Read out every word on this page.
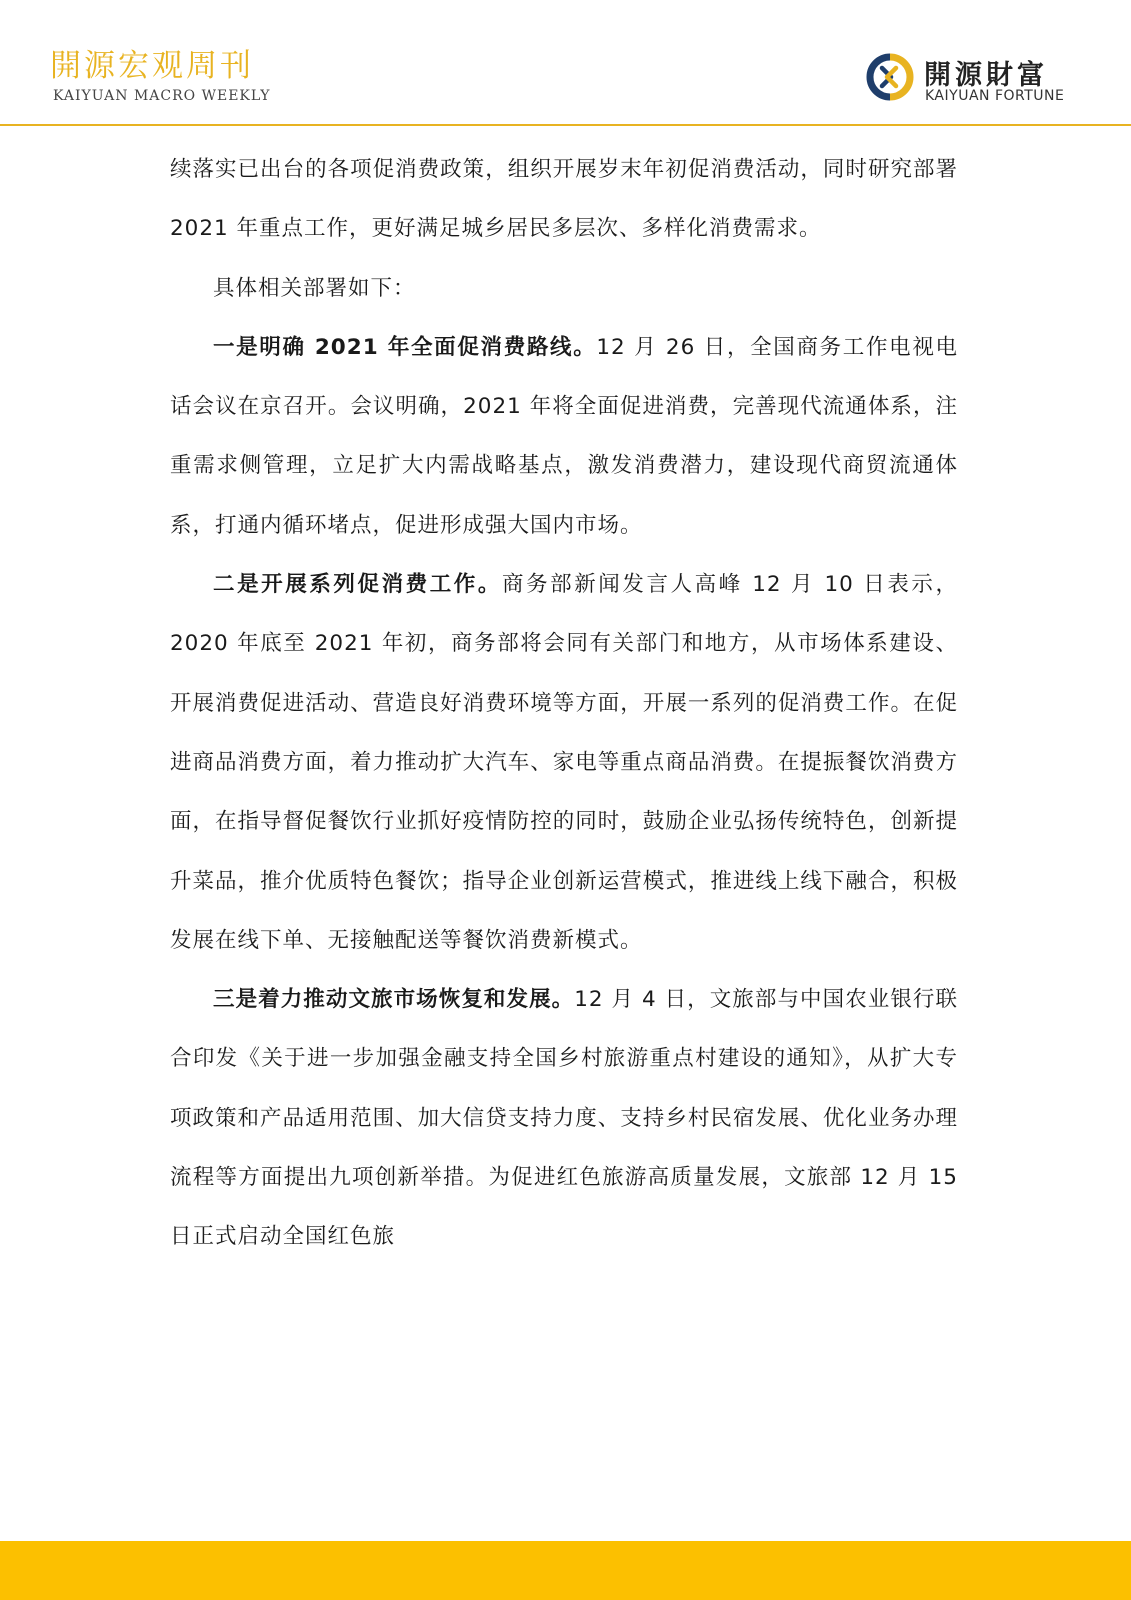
開源宏观周刊
KAIYUAN MACRO WEEKLY
開源財富
KAIYUAN FORTUNE

续落实已出台的各项促消费政策，组织开展岁末年初促消费活动，同时研究部署 2021 年重点工作，更好满足城乡居民多层次、多样化消费需求。

具体相关部署如下：

一是明确 2021 年全面促消费路线。12 月 26 日，全国商务工作电视电话会议在京召开。会议明确，2021 年将全面促进消费，完善现代流通体系，注重需求侧管理，立足扩大内需战略基点，激发消费潜力，建设现代商贸流通体系，打通内循环堵点，促进形成强大国内市场。

二是开展系列促消费工作。商务部新闻发言人高峰 12 月 10 日表示，2020 年底至 2021 年初，商务部将会同有关部门和地方，从市场体系建设、开展消费促进活动、营造良好消费环境等方面，开展一系列的促消费工作。在促进商品消费方面，着力推动扩大汽车、家电等重点商品消费。在提振餐饮消费方面，在指导督促餐饮行业抓好疫情防控的同时，鼓励企业弘扬传统特色，创新提升菜品，推介优质特色餐饮；指导企业创新运营模式，推进线上线下融合，积极发展在线下单、无接触配送等餐饮消费新模式。

三是着力推动文旅市场恢复和发展。12 月 4 日，文旅部与中国农业银行联合印发《关于进一步加强金融支持全国乡村旅游重点村建设的通知》，从扩大专项政策和产品适用范围、加大信贷支持力度、支持乡村民宿发展、优化业务办理流程等方面提出九项创新举措。为促进红色旅游高质量发展，文旅部 12 月 15 日正式启动全国红色旅
